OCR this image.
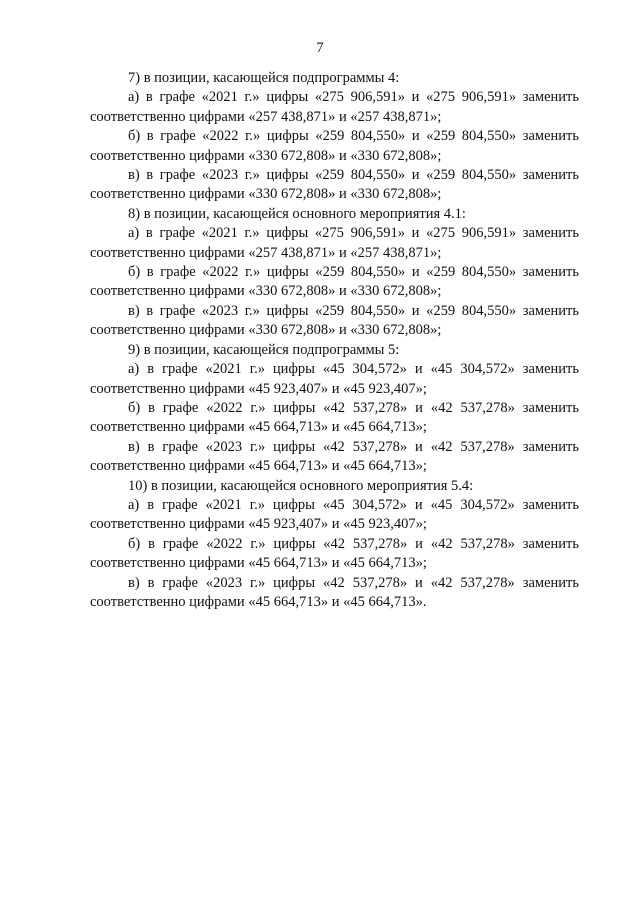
7

7) в позиции, касающейся подпрограммы 4:

а) в графе «2021 г.» цифры «275 906,591» и «275 906,591» заменить соответственно цифрами «257 438,871» и «257 438,871»;

б) в графе «2022 г.» цифры «259 804,550» и «259 804,550» заменить соответственно цифрами «330 672,808» и «330 672,808»;

в) в графе «2023 г.» цифры «259 804,550» и «259 804,550» заменить соответственно цифрами «330 672,808» и «330 672,808»;

8) в позиции, касающейся основного мероприятия 4.1:

а) в графе «2021 г.» цифры «275 906,591» и «275 906,591» заменить соответственно цифрами «257 438,871» и «257 438,871»;

б) в графе «2022 г.» цифры «259 804,550» и «259 804,550» заменить соответственно цифрами «330 672,808» и «330 672,808»;

в) в графе «2023 г.» цифры «259 804,550» и «259 804,550» заменить соответственно цифрами «330 672,808» и «330 672,808»;

9) в позиции, касающейся подпрограммы 5:

а) в графе «2021 г.» цифры «45 304,572» и «45 304,572» заменить соответственно цифрами «45 923,407» и «45 923,407»;

б) в графе «2022 г.» цифры «42 537,278» и «42 537,278» заменить соответственно цифрами «45 664,713» и «45 664,713»;

в) в графе «2023 г.» цифры «42 537,278» и «42 537,278» заменить соответственно цифрами «45 664,713» и «45 664,713»;

10) в позиции, касающейся основного мероприятия 5.4:

а) в графе «2021 г.» цифры «45 304,572» и «45 304,572» заменить соответственно цифрами «45 923,407» и «45 923,407»;

б) в графе «2022 г.» цифры «42 537,278» и «42 537,278» заменить соответственно цифрами «45 664,713» и «45 664,713»;

в) в графе «2023 г.» цифры «42 537,278» и «42 537,278» заменить соответственно цифрами «45 664,713» и «45 664,713».
